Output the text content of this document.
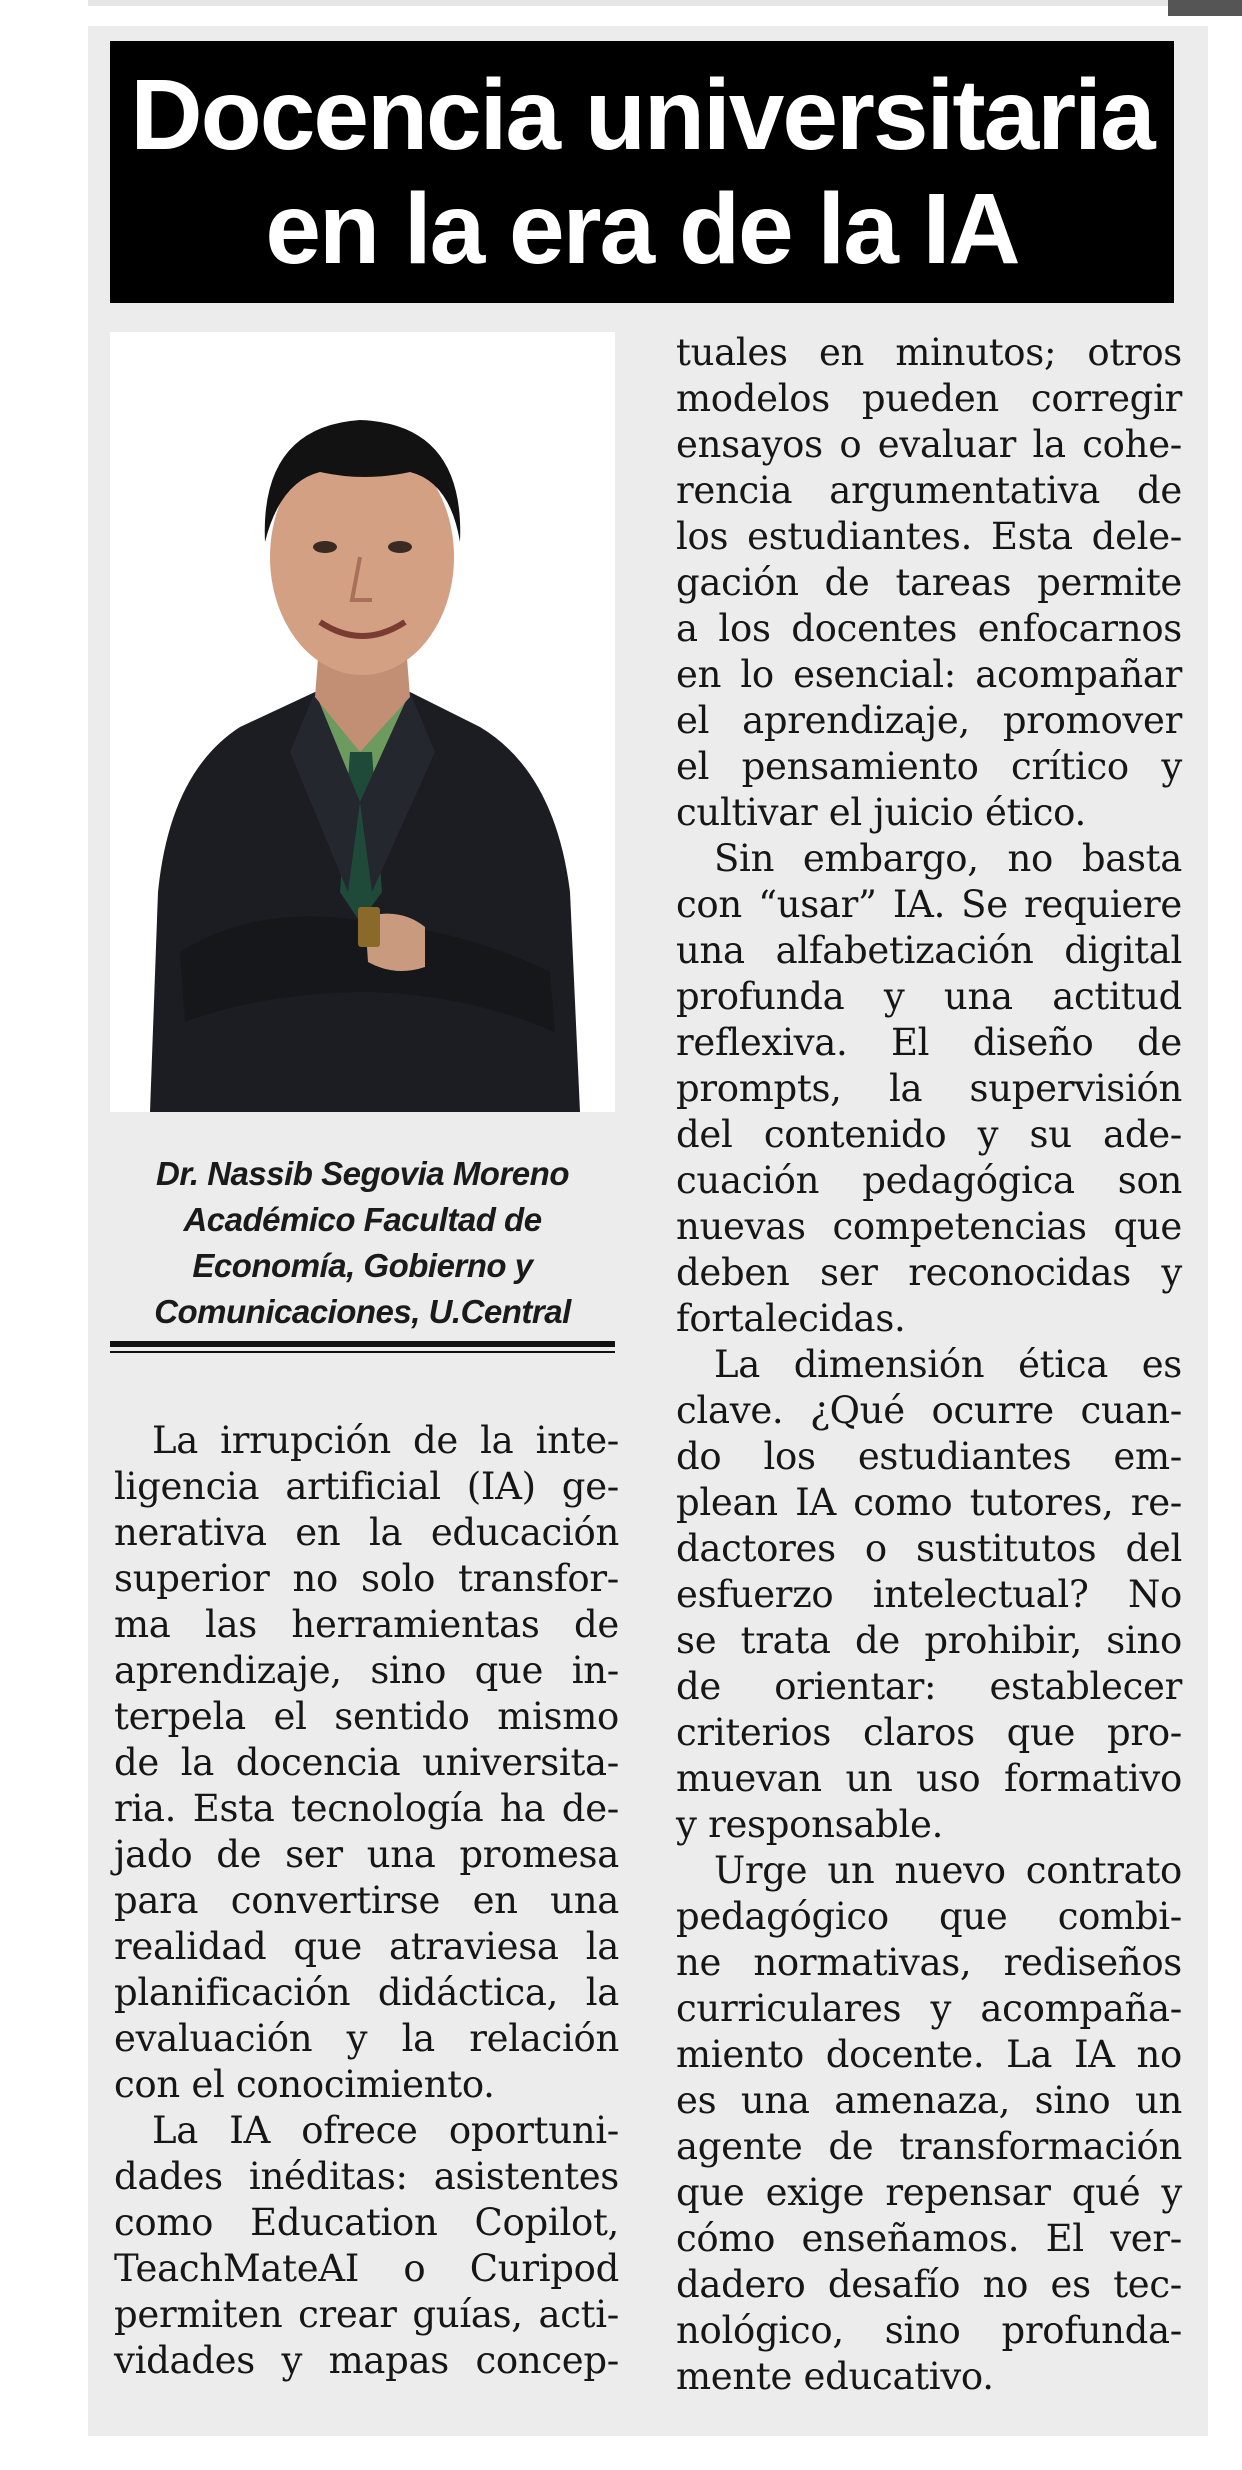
Docencia universitaria
en la era de la IA
Dr. Nassib Segovia Moreno
Académico Facultad de
Economía, Gobierno y
Comunicaciones, U.Central
La irrupción de la inte-
ligencia artificial (IA) ge-
nerativa en la educación
superior no solo transfor-
ma las herramientas de
aprendizaje, sino que in-
terpela el sentido mismo
de la docencia universita-
ria. Esta tecnología ha de-
jado de ser una promesa
para convertirse en una
realidad que atraviesa la
planificación didáctica, la
evaluación y la relación
con el conocimiento.
La IA ofrece oportuni-
dades inéditas: asistentes
como Education Copilot,
TeachMateAI o Curipod
permiten crear guías, acti-
vidades y mapas concep-
tuales en minutos; otros
modelos pueden corregir
ensayos o evaluar la cohe-
rencia argumentativa de
los estudiantes. Esta dele-
gación de tareas permite
a los docentes enfocarnos
en lo esencial: acompañar
el aprendizaje, promover
el pensamiento crítico y
cultivar el juicio ético.
Sin embargo, no basta
con “usar” IA. Se requiere
una alfabetización digital
profunda y una actitud
reflexiva. El diseño de
prompts, la supervisión
del contenido y su ade-
cuación pedagógica son
nuevas competencias que
deben ser reconocidas y
fortalecidas.
La dimensión ética es
clave. ¿Qué ocurre cuan-
do los estudiantes em-
plean IA como tutores, re-
dactores o sustitutos del
esfuerzo intelectual? No
se trata de prohibir, sino
de orientar: establecer
criterios claros que pro-
muevan un uso formativo
y responsable.
Urge un nuevo contrato
pedagógico que combi-
ne normativas, rediseños
curriculares y acompaña-
miento docente. La IA no
es una amenaza, sino un
agente de transformación
que exige repensar qué y
cómo enseñamos. El ver-
dadero desafío no es tec-
nológico, sino profunda-
mente educativo.
